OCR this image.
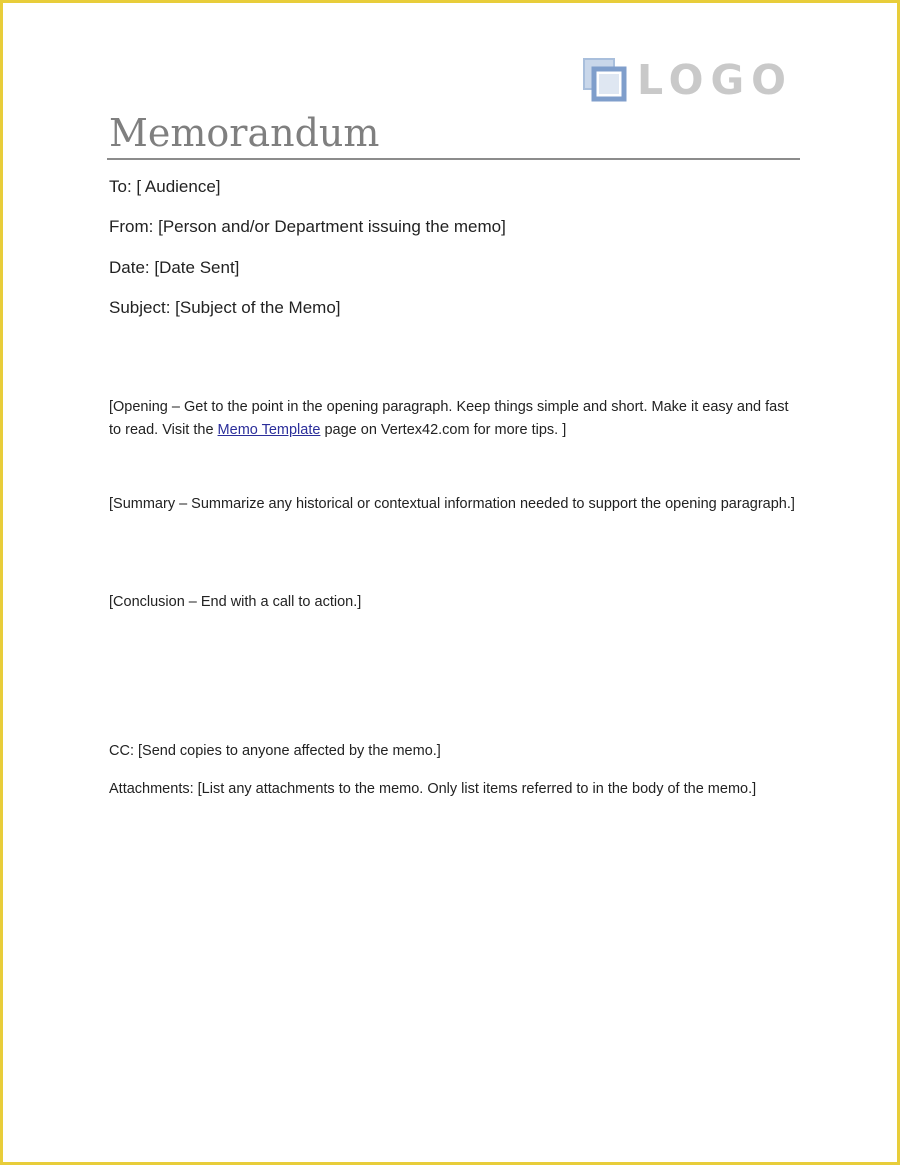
LOGO
Memorandum
To: [ Audience]
From: [Person and/or Department issuing the memo]
Date: [Date Sent]
Subject: [Subject of the Memo]
[Opening – Get to the point in the opening paragraph. Keep things simple and short. Make it easy and fast to read. Visit the Memo Template page on Vertex42.com for more tips. ]
[Summary – Summarize any historical or contextual information needed to support the opening paragraph.]
[Conclusion – End with a call to action.]
CC: [Send copies to anyone affected by the memo.]
Attachments: [List any attachments to the memo. Only list items referred to in the body of the memo.]
